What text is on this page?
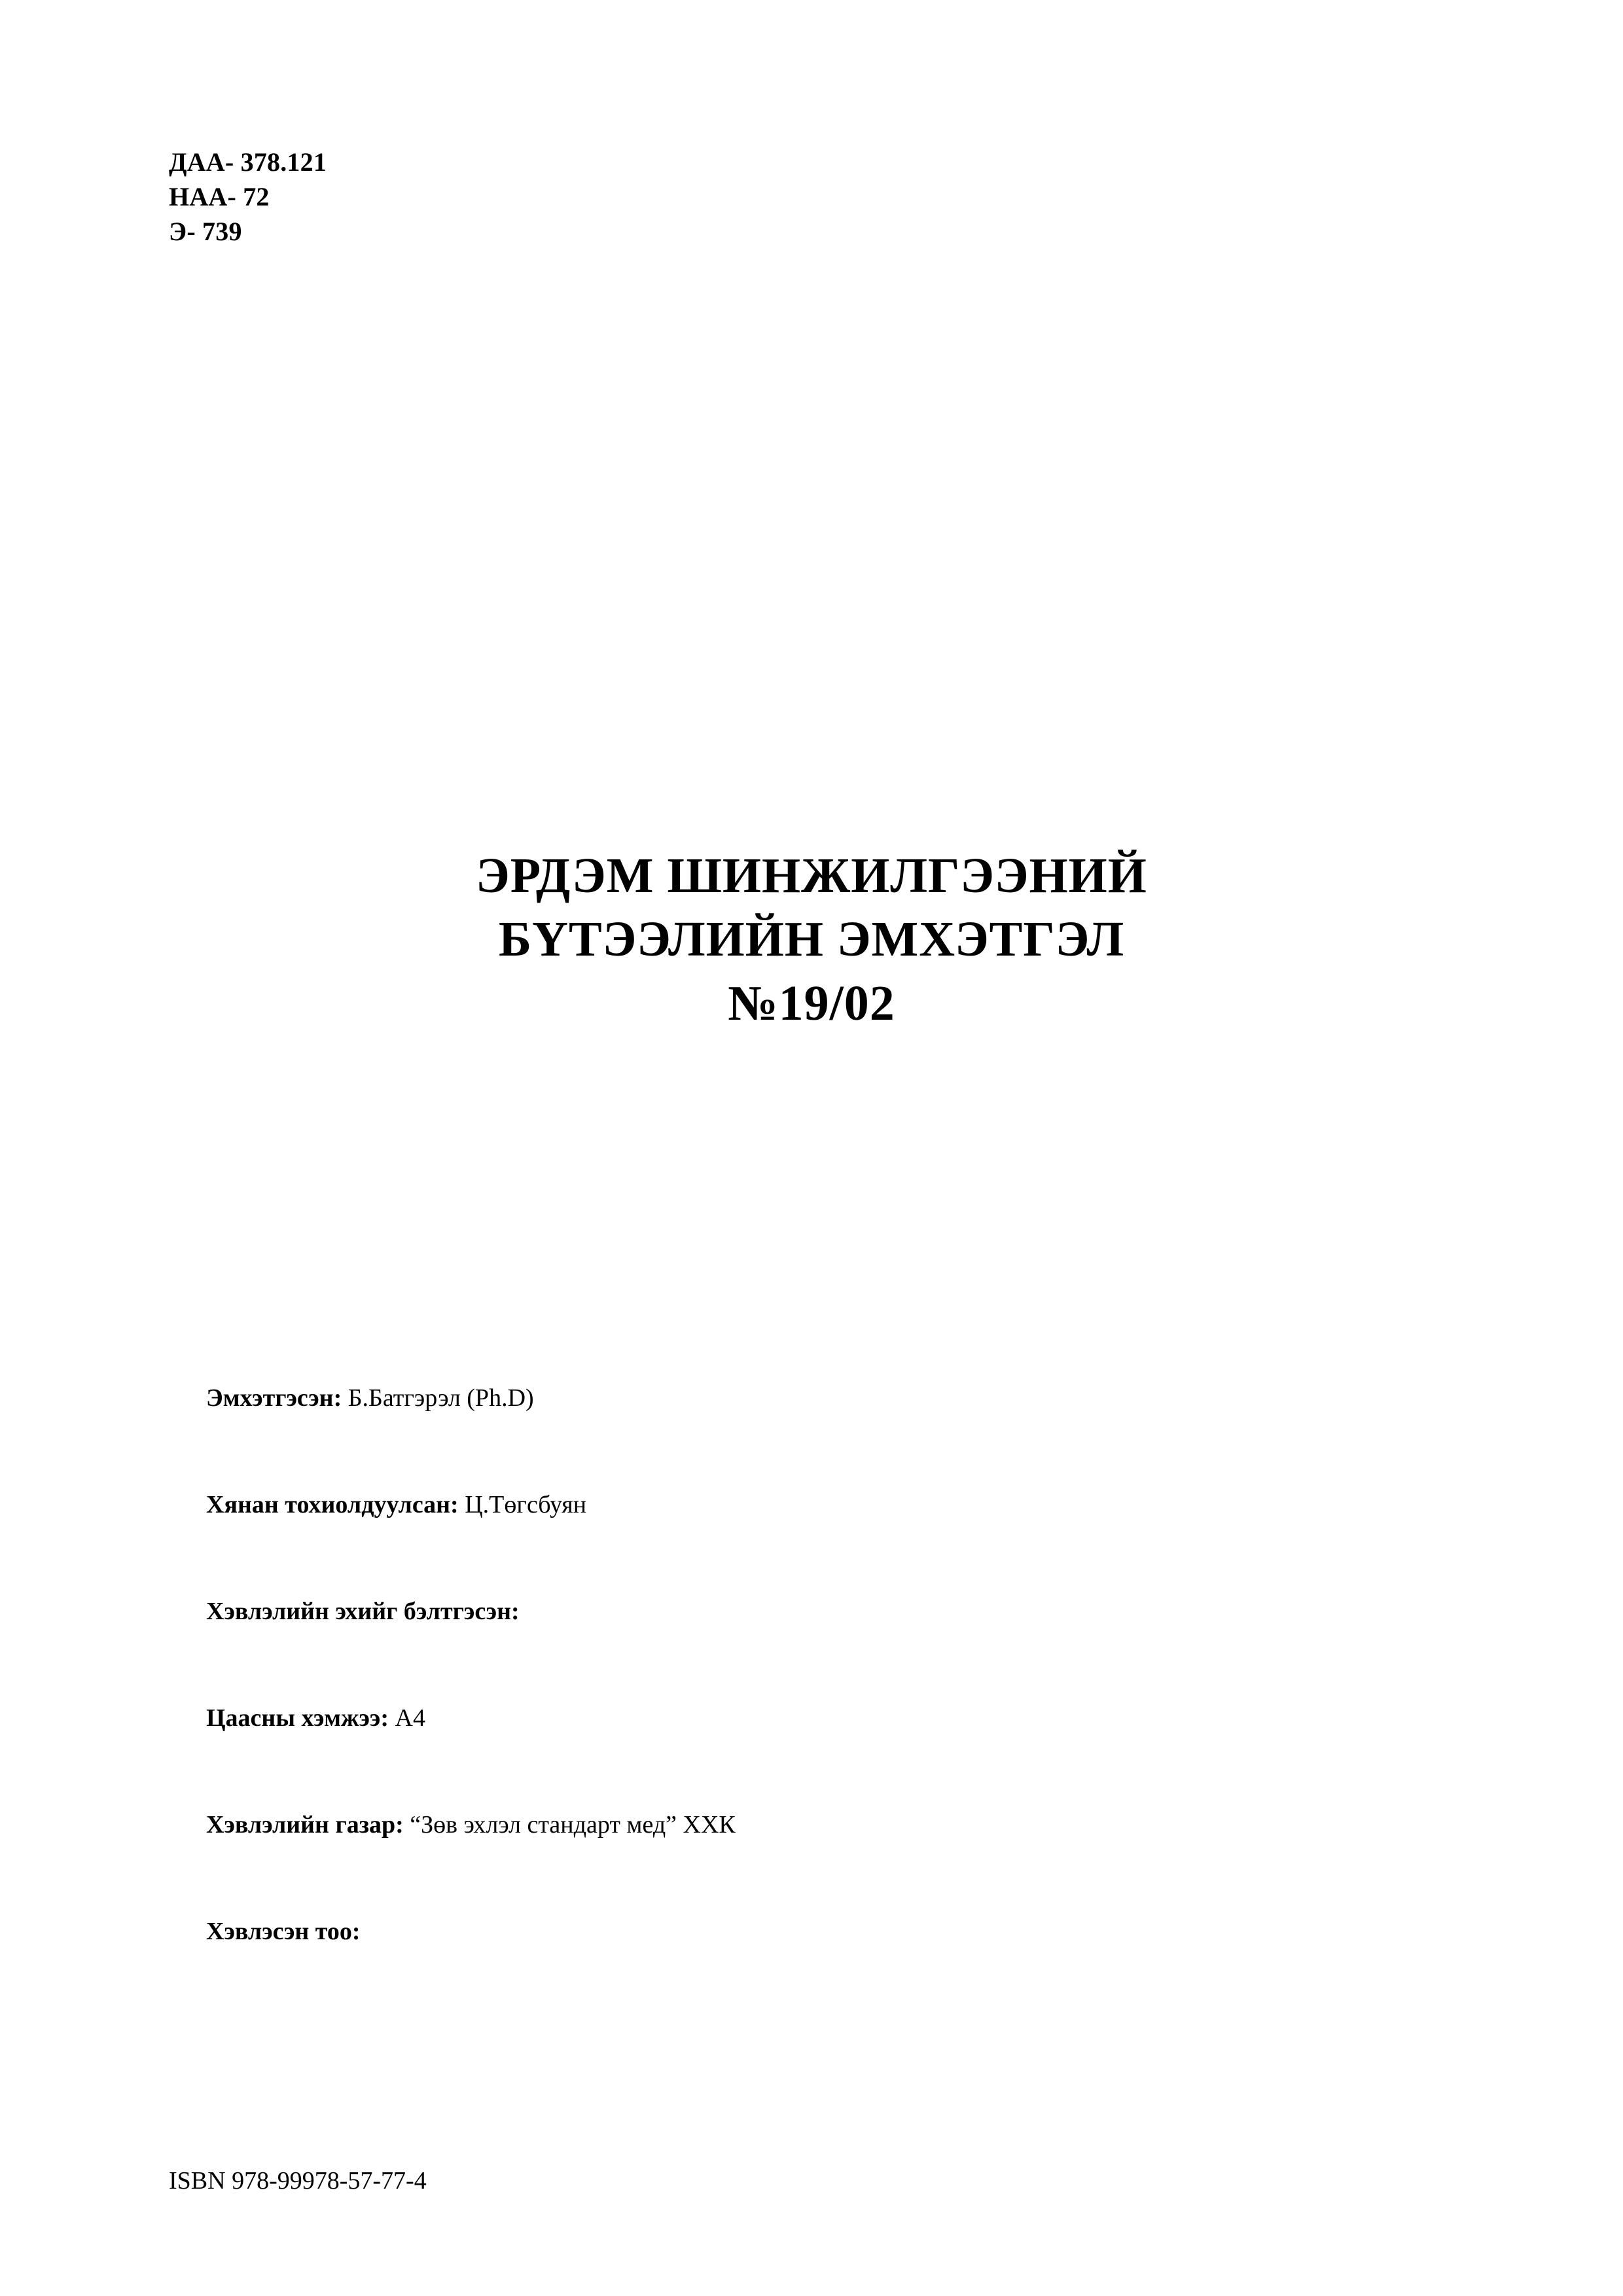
ДАА- 378.121
НАА- 72
Э- 739
ЭРДЭМ ШИНЖИЛГЭЭНИЙ
БҮТЭЭЛИЙН ЭМХЭТГЭЛ
№19/02

Эмхэтгэсэн: Б.Батгэрэл (Ph.D)

Хянан тохиолдуулсан: Ц.Төгсбуян

Хэвлэлийн эхийг бэлтгэсэн:

Цаасны хэмжээ: А4

Хэвлэлийн газар: “Зөв эхлэл стандарт мед” ХХК

Хэвлэсэн тоо:

ISBN 978-99978-57-77-4
